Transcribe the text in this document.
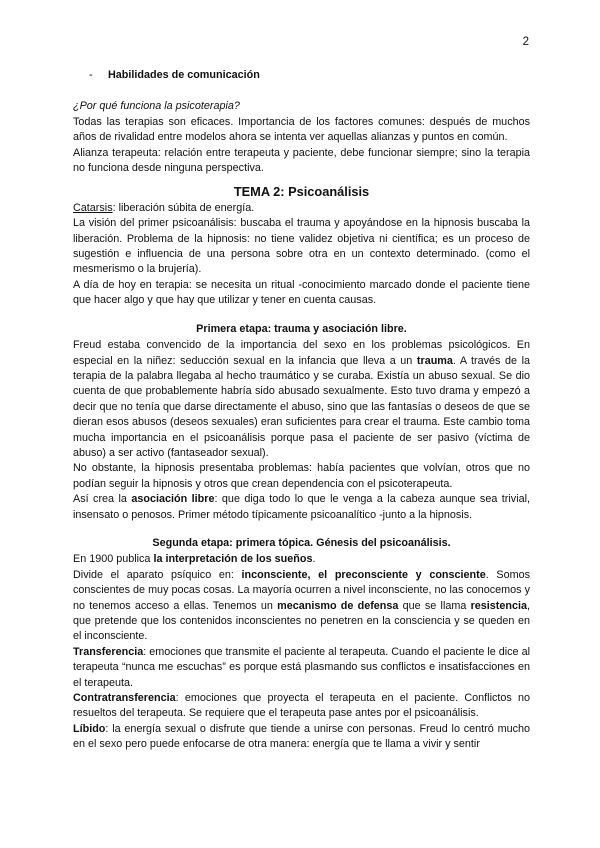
2
-	Habilidades de comunicación

¿Por qué funciona la psicoterapia?

Todas las terapias son eficaces. Importancia de los factores comunes: después de muchos años de rivalidad entre modelos ahora se intenta ver aquellas alianzas y puntos en común.

Alianza terapeuta: relación entre terapeuta y paciente, debe funcionar siempre; sino la terapia no funciona desde ninguna perspectiva.

TEMA 2: Psicoanálisis

Catarsis: liberación súbita de energía.

La visión del primer psicoanálisis: buscaba el trauma y apoyándose en la hipnosis buscaba la liberación. Problema de la hipnosis: no tiene validez objetiva ni científica; es un proceso de sugestión e influencia de una persona sobre otra en un contexto determinado. (como el mesmerismo o la brujería).

A día de hoy en terapia: se necesita un ritual -conocimiento marcado donde el paciente tiene que hacer algo y que hay que utilizar y tener en cuenta causas.

Primera etapa: trauma y asociación libre.

Freud estaba convencido de la importancia del sexo en los problemas psicológicos. En especial en la niñez: seducción sexual en la infancia que lleva a un trauma. A través de la terapia de la palabra llegaba al hecho traumático y se curaba. Existía un abuso sexual. Se dio cuenta de que probablemente habría sido abusado sexualmente. Esto tuvo drama y empezó a decir que no tenía que darse directamente el abuso, sino que las fantasías o deseos de que se dieran esos abusos (deseos sexuales) eran suficientes para crear el trauma. Este cambio toma mucha importancia en el psicoanálisis porque pasa el paciente de ser pasivo (víctima de abuso) a ser activo (fantaseador sexual).

No obstante, la hipnosis presentaba problemas: había pacientes que volvían, otros que no podían seguir la hipnosis y otros que crean dependencia con el psicoterapeuta.

Así crea la asociación libre: que diga todo lo que le venga a la cabeza aunque sea trivial, insensato o penosos. Primer método típicamente psicoanalítico -junto a la hipnosis.

Segunda etapa: primera tópica. Génesis del psicoanálisis.

En 1900 publica la interpretación de los sueños.

Divide el aparato psíquico en: inconsciente, el preconsciente y consciente. Somos conscientes de muy pocas cosas. La mayoría ocurren a nivel inconsciente, no las conocemos y no tenemos acceso a ellas. Tenemos un mecanismo de defensa que se llama resistencia, que pretende que los contenidos inconscientes no penetren en la consciencia y se queden en el inconsciente.

Transferencia: emociones que transmite el paciente al terapeuta. Cuando el paciente le dice al terapeuta “nunca me escuchas” es porque está plasmando sus conflictos e insatisfacciones en el terapeuta.

Contratransferencia: emociones que proyecta el terapeuta en el paciente. Conflictos no resueltos del terapeuta. Se requiere que el terapeuta pase antes por el psicoanálisis.

Líbido: la energía sexual o disfrute que tiende a unirse con personas. Freud lo centró mucho en el sexo pero puede enfocarse de otra manera: energía que te llama a vivir y sentir
